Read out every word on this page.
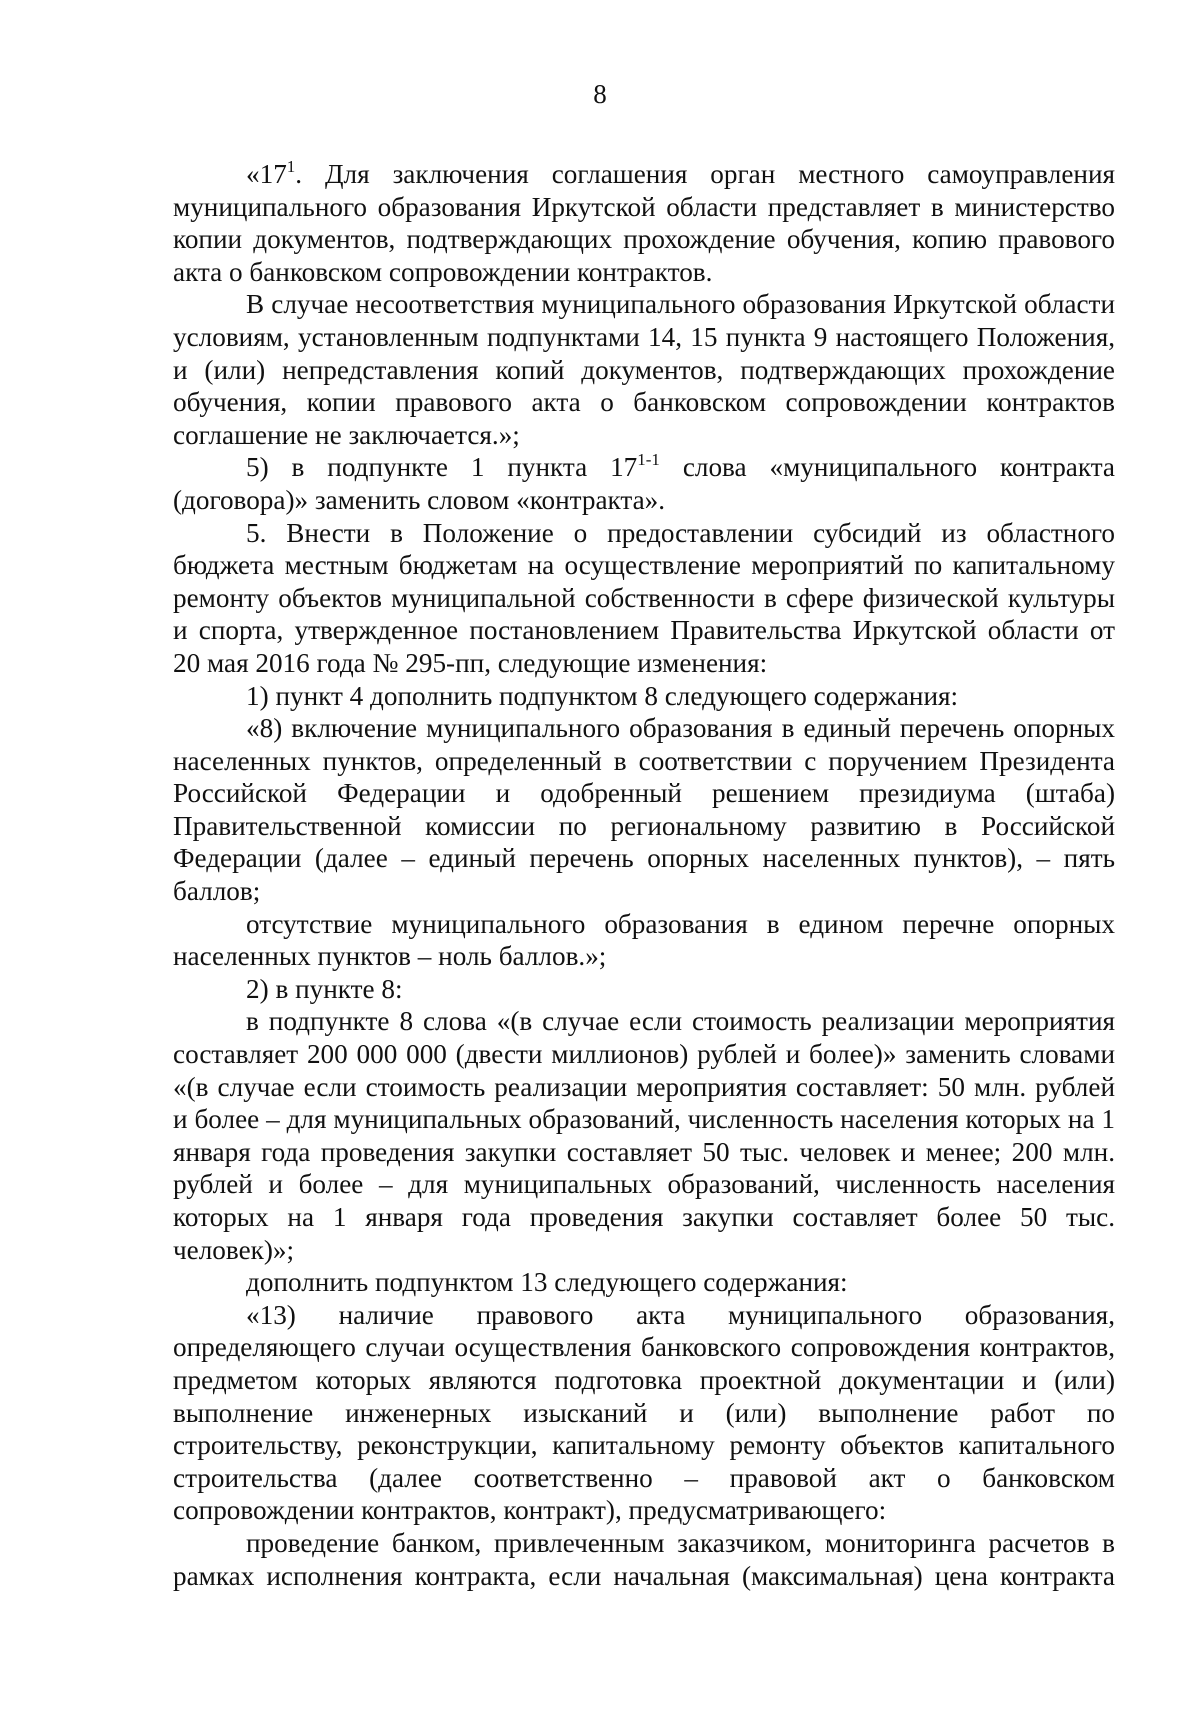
8

«$17^1$. Для заключения соглашения орган местного самоуправления муниципального образования Иркутской области представляет в министерство копии документов, подтверждающих прохождение обучения, копию правового акта о банковском сопровождении контрактов.

В случае несоответствия муниципального образования Иркутской области условиям, установленным подпунктами 14, 15 пункта 9 настоящего Положения, и (или) непредставления копий документов, подтверждающих прохождение обучения, копии правового акта о банковском сопровождении контрактов соглашение не заключается.»;

5) в подпункте 1 пункта 17$^{1-1}$ слова «муниципального контракта (договора)» заменить словом «контракта».

5. Внести в Положение о предоставлении субсидий из областного бюджета местным бюджетам на осуществление мероприятий по капитальному ремонту объектов муниципальной собственности в сфере физической культуры и спорта, утвержденное постановлением Правительства Иркутской области от 20 мая 2016 года № 295-пп, следующие изменения:

1) пункт 4 дополнить подпунктом 8 следующего содержания:

«8) включение муниципального образования в единый перечень опорных населенных пунктов, определенный в соответствии с поручением Президента Российской Федерации и одобренный решением президиума (штаба) Правительственной комиссии по региональному развитию в Российской Федерации (далее – единый перечень опорных населенных пунктов), – пять баллов;

отсутствие муниципального образования в едином перечне опорных населенных пунктов – ноль баллов.»;

2) в пункте 8:

в подпункте 8 слова «(в случае если стоимость реализации мероприятия составляет 200 000 000 (двести миллионов) рублей и более)» заменить словами «(в случае если стоимость реализации мероприятия составляет: 50 млн. рублей и более – для муниципальных образований, численность населения которых на 1 января года проведения закупки составляет 50 тыс. человек и менее; 200 млн. рублей и более – для муниципальных образований, численность населения которых на 1 января года проведения закупки составляет более 50 тыс. человек)»;

дополнить подпунктом 13 следующего содержания:

«13) наличие правового акта муниципального образования, определяющего случаи осуществления банковского сопровождения контрактов, предметом которых являются подготовка проектной документации и (или) выполнение инженерных изысканий и (или) выполнение работ по строительству, реконструкции, капитальному ремонту объектов капитального строительства (далее соответственно – правовой акт о банковском сопровождении контрактов, контракт), предусматривающего:

проведение банком, привлеченным заказчиком, мониторинга расчетов в рамках исполнения контракта, если начальная (максимальная) цена контракта
